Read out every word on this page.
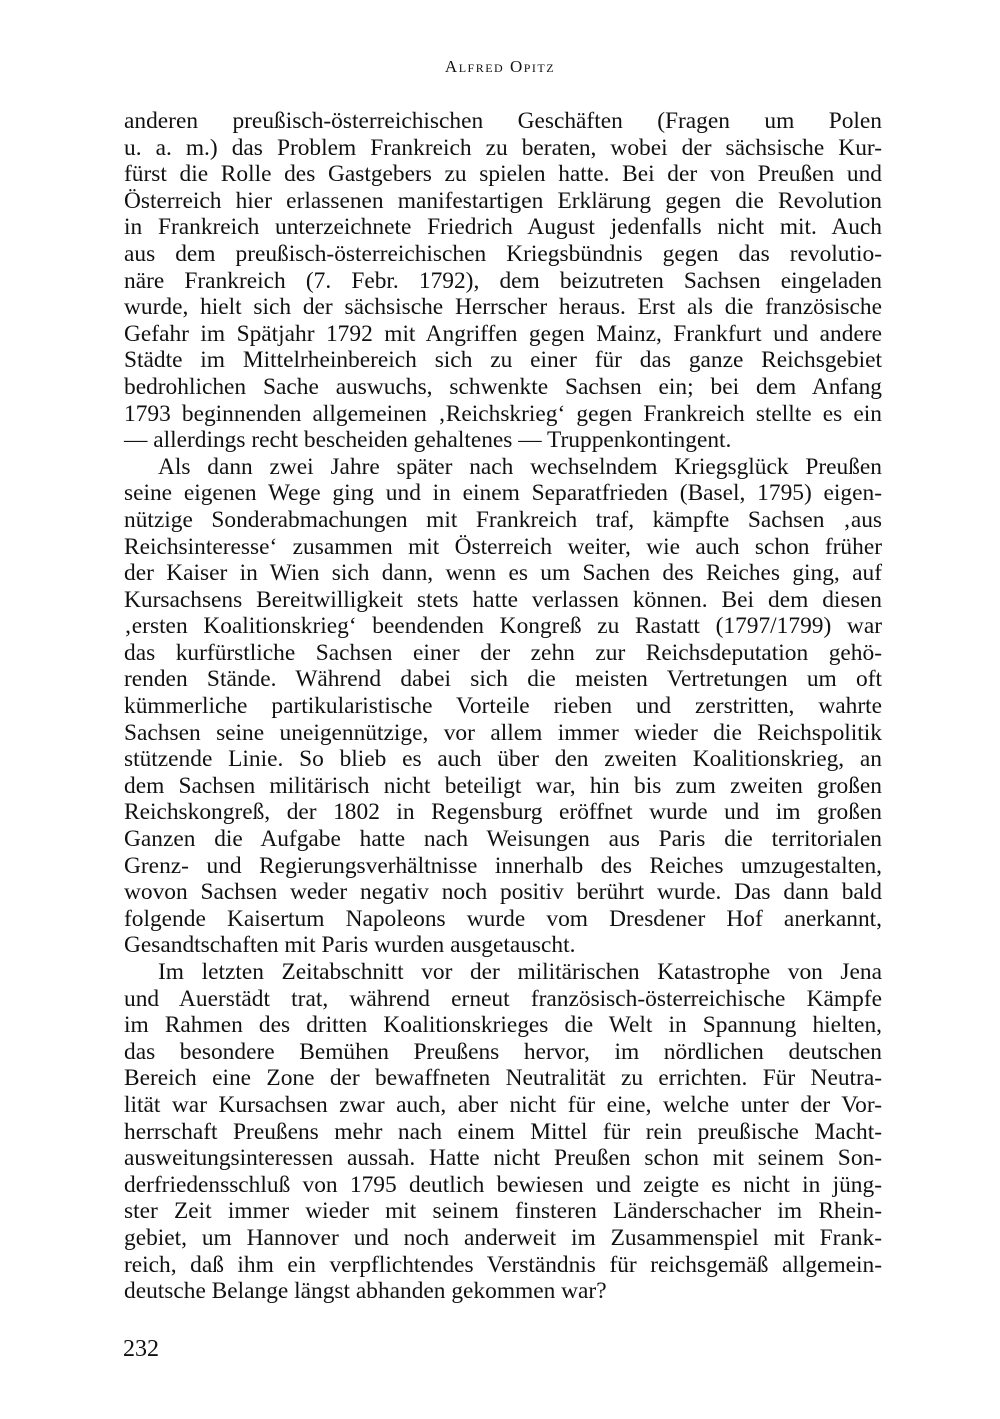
Alfred Opitz
anderen preußisch-österreichischen Geschäften (Fragen um Polen
u. a. m.) das Problem Frankreich zu beraten, wobei der sächsische Kur-
fürst die Rolle des Gastgebers zu spielen hatte. Bei der von Preußen und
Österreich hier erlassenen manifestartigen Erklärung gegen die Revolution
in Frankreich unterzeichnete Friedrich August jedenfalls nicht mit. Auch
aus dem preußisch-österreichischen Kriegsbündnis gegen das revolutio-
näre Frankreich (7. Febr. 1792), dem beizutreten Sachsen eingeladen
wurde, hielt sich der sächsische Herrscher heraus. Erst als die französische
Gefahr im Spätjahr 1792 mit Angriffen gegen Mainz, Frankfurt und andere
Städte im Mittelrheinbereich sich zu einer für das ganze Reichsgebiet
bedrohlichen Sache auswuchs, schwenkte Sachsen ein; bei dem Anfang
1793 beginnenden allgemeinen ‚Reichskrieg‘ gegen Frankreich stellte es ein
— allerdings recht bescheiden gehaltenes — Truppenkontingent.
Als dann zwei Jahre später nach wechselndem Kriegsglück Preußen
seine eigenen Wege ging und in einem Separatfrieden (Basel, 1795) eigen-
nützige Sonderabmachungen mit Frankreich traf, kämpfte Sachsen ‚aus
Reichsinteresse‘ zusammen mit Österreich weiter, wie auch schon früher
der Kaiser in Wien sich dann, wenn es um Sachen des Reiches ging, auf
Kursachsens Bereitwilligkeit stets hatte verlassen können. Bei dem diesen
‚ersten Koalitionskrieg‘ beendenden Kongreß zu Rastatt (1797/1799) war
das kurfürstliche Sachsen einer der zehn zur Reichsdeputation gehö-
renden Stände. Während dabei sich die meisten Vertretungen um oft
kümmerliche partikularistische Vorteile rieben und zerstritten, wahrte
Sachsen seine uneigennützige, vor allem immer wieder die Reichspolitik
stützende Linie. So blieb es auch über den zweiten Koalitionskrieg, an
dem Sachsen militärisch nicht beteiligt war, hin bis zum zweiten großen
Reichskongreß, der 1802 in Regensburg eröffnet wurde und im großen
Ganzen die Aufgabe hatte nach Weisungen aus Paris die territorialen
Grenz- und Regierungsverhältnisse innerhalb des Reiches umzugestalten,
wovon Sachsen weder negativ noch positiv berührt wurde. Das dann bald
folgende Kaisertum Napoleons wurde vom Dresdener Hof anerkannt,
Gesandtschaften mit Paris wurden ausgetauscht.
Im letzten Zeitabschnitt vor der militärischen Katastrophe von Jena
und Auerstädt trat, während erneut französisch-österreichische Kämpfe
im Rahmen des dritten Koalitionskrieges die Welt in Spannung hielten,
das besondere Bemühen Preußens hervor, im nördlichen deutschen
Bereich eine Zone der bewaffneten Neutralität zu errichten. Für Neutra-
lität war Kursachsen zwar auch, aber nicht für eine, welche unter der Vor-
herrschaft Preußens mehr nach einem Mittel für rein preußische Macht-
ausweitungsinteressen aussah. Hatte nicht Preußen schon mit seinem Son-
derfriedensschluß von 1795 deutlich bewiesen und zeigte es nicht in jüng-
ster Zeit immer wieder mit seinem finsteren Länderschacher im Rhein-
gebiet, um Hannover und noch anderweit im Zusammenspiel mit Frank-
reich, daß ihm ein verpflichtendes Verständnis für reichsgemäß allgemein-
deutsche Belange längst abhanden gekommen war?
232
